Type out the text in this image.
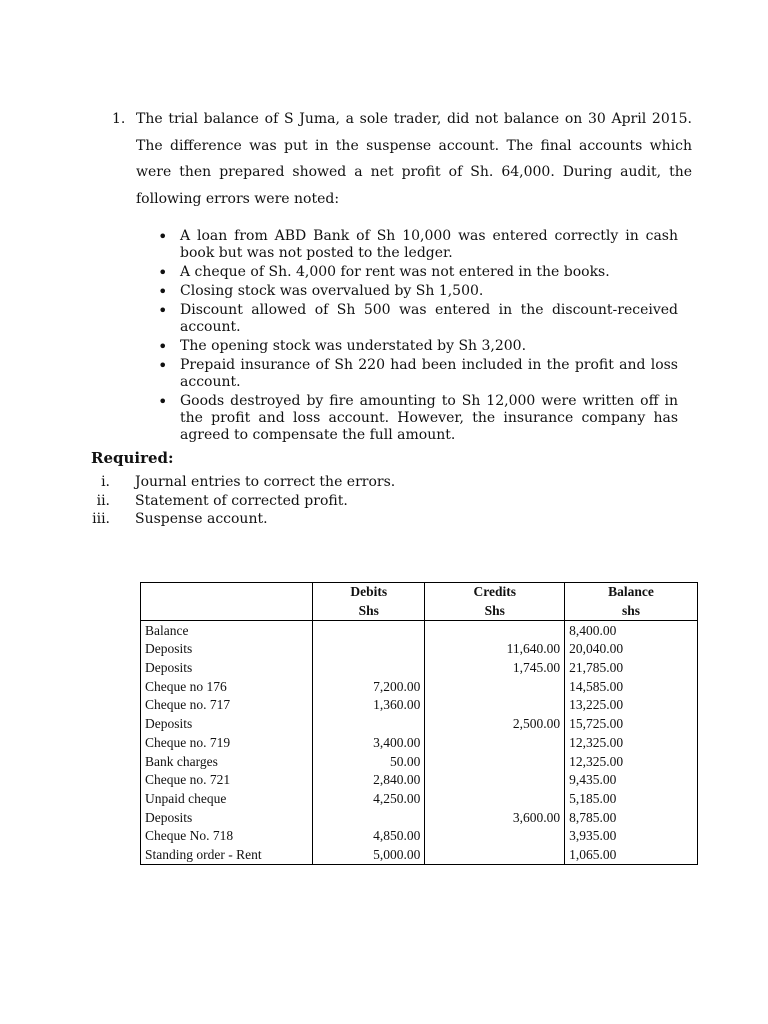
1. The trial balance of S Juma, a sole trader, did not balance on 30 April 2015. The difference was put in the suspense account. The final accounts which were then prepared showed a net profit of Sh. 64,000. During audit, the following errors were noted:
• A loan from ABD Bank of Sh 10,000 was entered correctly in cash book but was not posted to the ledger.
• A cheque of Sh. 4,000 for rent was not entered in the books.
• Closing stock was overvalued by Sh 1,500.
• Discount allowed of Sh 500 was entered in the discount-received account.
• The opening stock was understated by Sh 3,200.
• Prepaid insurance of Sh 220 had been included in the profit and loss account.
• Goods destroyed by fire amounting to Sh 12,000 were written off in the profit and loss account. However, the insurance company has agreed to compensate the full amount.
Required:
i. Journal entries to correct the errors.
ii. Statement of corrected profit.
iii. Suspense account.
	Debits	Credits	Balance
	Shs	Shs	shs
Balance			8,400.00
Deposits		11,640.00	20,040.00
Deposits		1,745.00	21,785.00
Cheque no 176	7,200.00		14,585.00
Cheque no. 717	1,360.00		13,225.00
Deposits		2,500.00	15,725.00
Cheque no. 719	3,400.00		12,325.00
Bank charges	50.00		12,325.00
Cheque no. 721	2,840.00		9,435.00
Unpaid cheque	4,250.00		5,185.00
Deposits		3,600.00	8,785.00
Cheque No. 718	4,850.00		3,935.00
Standing order - Rent	5,000.00		1,065.00
